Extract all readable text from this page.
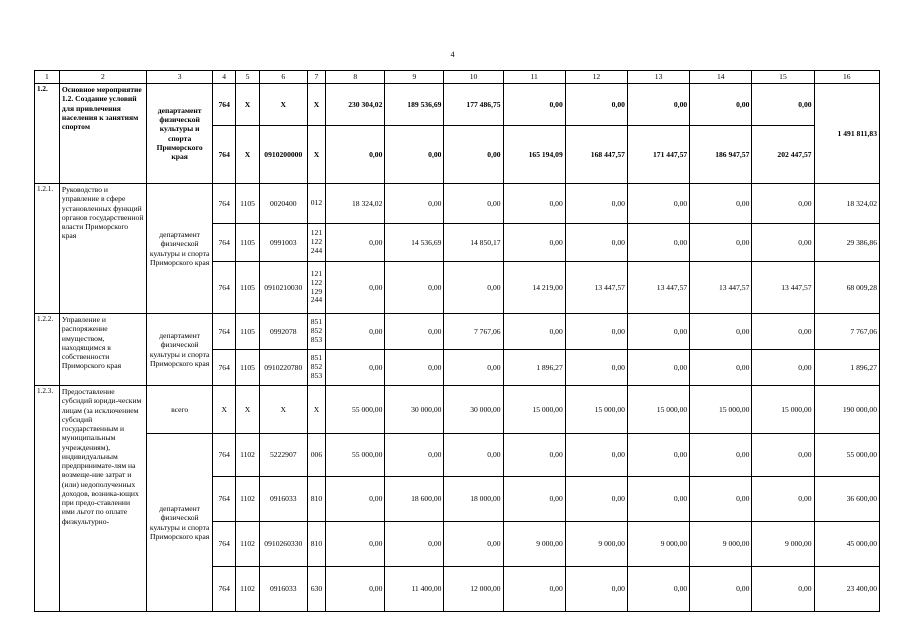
4
1	2	3	4	5	6	7	8	9	10	11	12	13	14	15	16
1.2.	Основное мероприятие 1.2. Создание условий для привлечения населения к занятиям спортом	департамент физической культуры и спорта Приморского края	764	Х	Х	Х	230 304,02	189 536,69	177 486,75	0,00	0,00	0,00	0,00	0,00	1 491 811,83
			764	Х	0910200000	Х	0,00	0,00	0,00	165 194,09	168 447,57	171 447,57	186 947,57	202 447,57	
1.2.1.	Руководство и управление в сфере установленных функций органов государственной власти Приморского края	департамент физической культуры и спорта Приморского края	764	1105	0020400	012	18 324,02	0,00	0,00	0,00	0,00	0,00	0,00	0,00	18 324,02
			764	1105	0991003	121 122 244	0,00	14 536,69	14 850,17	0,00	0,00	0,00	0,00	0,00	29 386,86
			764	1105	0910210030	121 122 129 244	0,00	0,00	0,00	14 219,00	13 447,57	13 447,57	13 447,57	13 447,57	68 009,28
1.2.2.	Управление и распоряжение имуществом, находящимся в собственности Приморского края	департамент физической культуры и спорта Приморского края	764	1105	0992078	851 852 853	0,00	0,00	7 767,06	0,00	0,00	0,00	0,00	0,00	7 767,06
			764	1105	0910220780	851 852 853	0,00	0,00	0,00	1 896,27	0,00	0,00	0,00	0,00	1 896,27
1.2.3.	Предоставление субсидий юриди-ческим лицам (за исключением субсидий государственным и муниципальным учреждениям), индивидуальным предпринимате-лям на возмеще-ние затрат и (или) недополученных доходов, возника-ющих при предо-ставлении ими льгот по оплате физкультурно-	всего	Х	Х	Х	Х	55 000,00	30 000,00	30 000,00	15 000,00	15 000,00	15 000,00	15 000,00	15 000,00	190 000,00
		департамент физической культуры и спорта Приморского края	764	1102	5222907	006	55 000,00	0,00	0,00	0,00	0,00	0,00	0,00	0,00	55 000,00
			764	1102	0916033	810	0,00	18 600,00	18 000,00	0,00	0,00	0,00	0,00	0,00	36 600,00
			764	1102	0910260330	810	0,00	0,00	0,00	9 000,00	9 000,00	9 000,00	9 000,00	9 000,00	45 000,00
			764	1102	0916033	630	0,00	11 400,00	12 000,00	0,00	0,00	0,00	0,00	0,00	23 400,00
